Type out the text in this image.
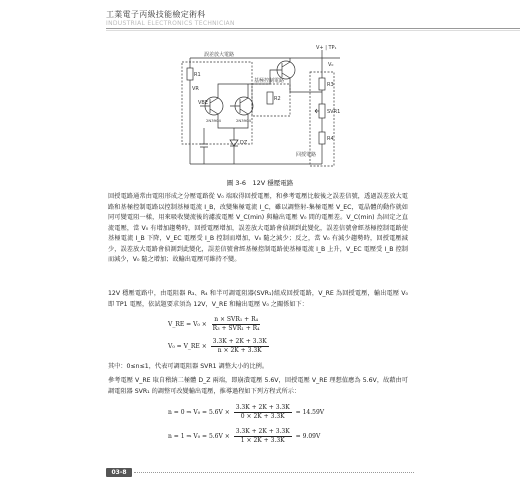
工業電子丙級技能檢定術科
INDUSTRIAL ELECTRONICS TECHNICIAN
誤差放大電路
基極控制電路
回授電路
V+ | TP₁
VR
V₀
VBE
R1
R2
R3
SVR1
R4
2N3904	2N3904
DZ
圖 3-6　12V 穩壓電路
回授電路通常由電阻形成之分壓電路從 V₀ 端取得回授電壓，和參考電壓比較後之誤差信號，透過誤差放大電路和基極控制電路以控制基極電流 I_B，改變集極電流 I_C，雖以調整射-集極電壓 V_EC，電晶體的動作就如同可變電阻一樣，用來吸收變流後的濾波電壓 V_C(min) 與輸出電壓 V₀ 間的電壓差。V_C(min) 為固定之直流電壓，當 V₀ 有增加趨勢時，回授電壓增加，誤差放大電路會偵測到此變化，誤差信號會經基極控制電路使基極電流 I_B 下降，V_EC 電壓受 I_B 控制而增加，V₀ 隨之減少；反之，當 V₀ 有減少趨勢時，回授電壓減少，誤差放大電路會偵測到此變化，誤差信號會經基極控制電路使基極電流 I_B 上升，V_EC 電壓受 I_B 控制而減少，V₀ 隨之增加；故輸出電壓可維持不變。
12V 穩壓電路中，由電阻器 R₃、R₄ 和半可調電阻器(SVR₁)組成回授電路，V_RE 為回授電壓，輸出電壓 V₀ 即 TP1 電壓，依試題要求須為 12V，V_RE 和輸出電壓 V₀ 之關係如下：
V_RE = $V_0 \times \frac{\text{n × SVR₁ + R₄}}{\text{R₃ + SVR₁ + R₄}}$
V₀ = V_RE × $\frac{3.3K + 2K + 3.3K}{n \times 2K + 3.3K}$
其中：0≤n≤1，代表可調電阻器 SVR1 調整大小的比例。
參考電壓 V_RE 取自稽納二極體 D_Z 兩端，即崩潰電壓 5.6V，回授電壓 V_RE 理想值應為 5.6V，故藉由可調電阻器 SVR₁ 的調整可改變輸出電壓，推導過程如下列方程式所示：
n = 0 ⇒ $V_0 = 5.6V \times \frac{3.3K + 2K + 3.3K}{0 \times 2K + 3.3K} = 14.59V$
n = 1 ⇒ $V_0 = 5.6V \times \frac{3.3K + 2K + 3.3K}{1 \times 2K + 3.3K} = 9.09V$
03-8
